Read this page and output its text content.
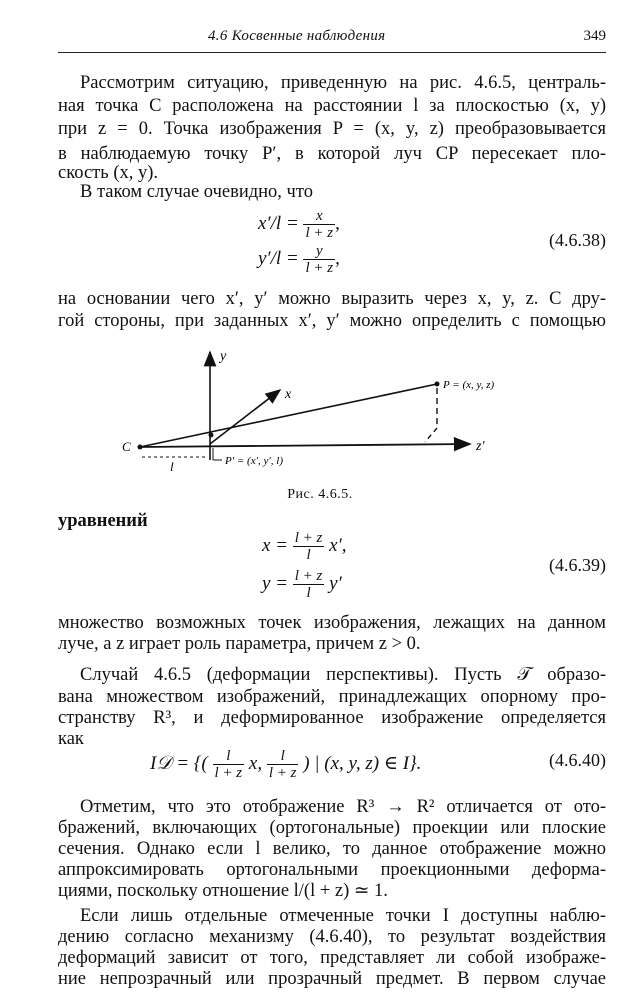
4.6 Косвенные наблюдения	349
Рассмотрим ситуацию, приведенную на рис. 4.6.5, централь-
ная точка C расположена на расстоянии l за плоскостью (x, y)
при z = 0. Точка изображения P = (x, y, z) преобразовывается
в наблюдаемую точку P′, в которой луч CP пересекает пло-
скость (x, y).
В таком случае очевидно, что
$x'/l = \frac{x}{l + z}$ ,
$y'/l = \frac{y}{l + z}$ ,
(4.6.38)
на основании чего x′, y′ можно выразить через x, y, z. С дру-
гой стороны, при заданных x′, y′ можно определить с помощью
y
x
z′
C
l
P = (x, y, z)
P′ = (x′, y′, l)
Рис. 4.6.5.
уравнений
$x = \frac{l + z}{l} x'$,
$y = \frac{l + z}{l} y'$
(4.6.39)
множество возможных точек изображения, лежащих на данном
луче, а z играет роль параметра, причем z > 0.
Случай 4.6.5 (деформации перспективы). Пусть 𝒯 образо-
вана множеством изображений, принадлежащих опорному про-
странству R³, и деформированное изображение определяется
как
I𝒟 = {( $\frac{l}{l + z} x$, $\frac{l}{l + z}$ ) | (x, y, z) ∈ I}.	(4.6.40)
Отметим, что это отображение R³ → R² отличается от ото-
бражений, включающих (ортогональные) проекции или плоские
сечения. Однако если l велико, то данное отображение можно
аппроксимировать ортогональными проекционными деформа-
циями, поскольку отношение l/(l + z) ≃ 1.
Если лишь отдельные отмеченные точки I доступны наблю-
дению согласно механизму (4.6.40), то результат воздействия
деформаций зависит от того, представляет ли собой изображе-
ние непрозрачный или прозрачный предмет. В первом случае
